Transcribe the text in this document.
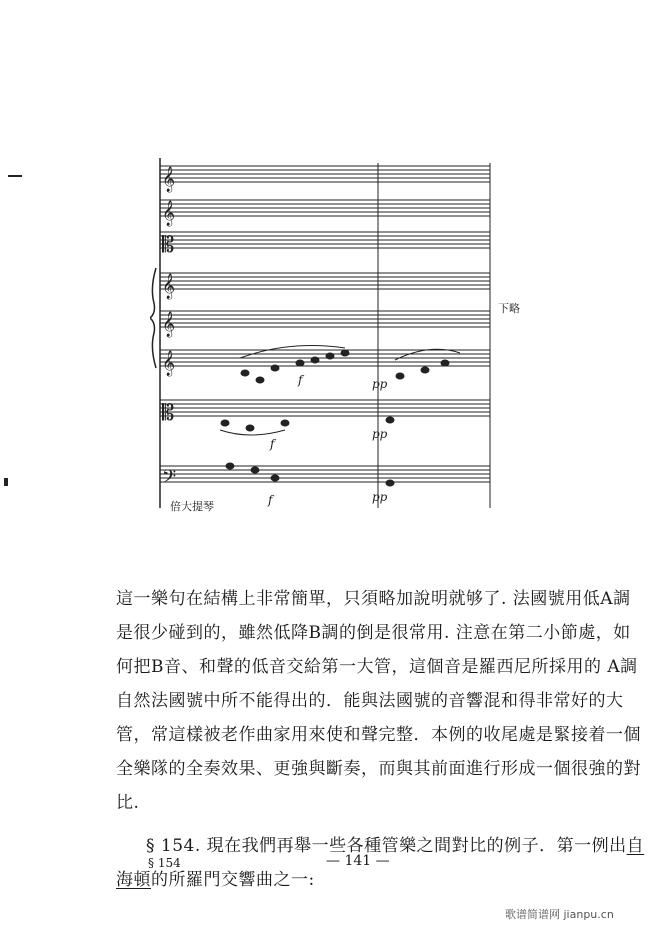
𝄞
𝄞
𝄡
𝄞
𝄞
𝄞
𝄡
𝄢
f
f
f
pp
pp
pp
下略
倍大提琴

這一樂句在結構上非常簡單，只須略加說明就够了. 法國號用低A調是很少碰到的，雖然低降B調的倒是很常用. 注意在第二小節處，如何把B音、和聲的低音交給第一大管，這個音是羅西尼所採用的 A調自然法國號中所不能得出的．能與法國號的音響混和得非常好的大管，常這樣被老作曲家用來使和聲完整．本例的收尾處是緊接着一個全樂隊的全奏效果、更強與斷奏，而與其前面進行形成一個很強的對比.

§ 154. 現在我們再舉一些各種管樂之間對比的例子．第一例出自海頓的所羅門交響曲之一:

§ 154	— 141 —
歌谱简谱网 jianpu.cn
